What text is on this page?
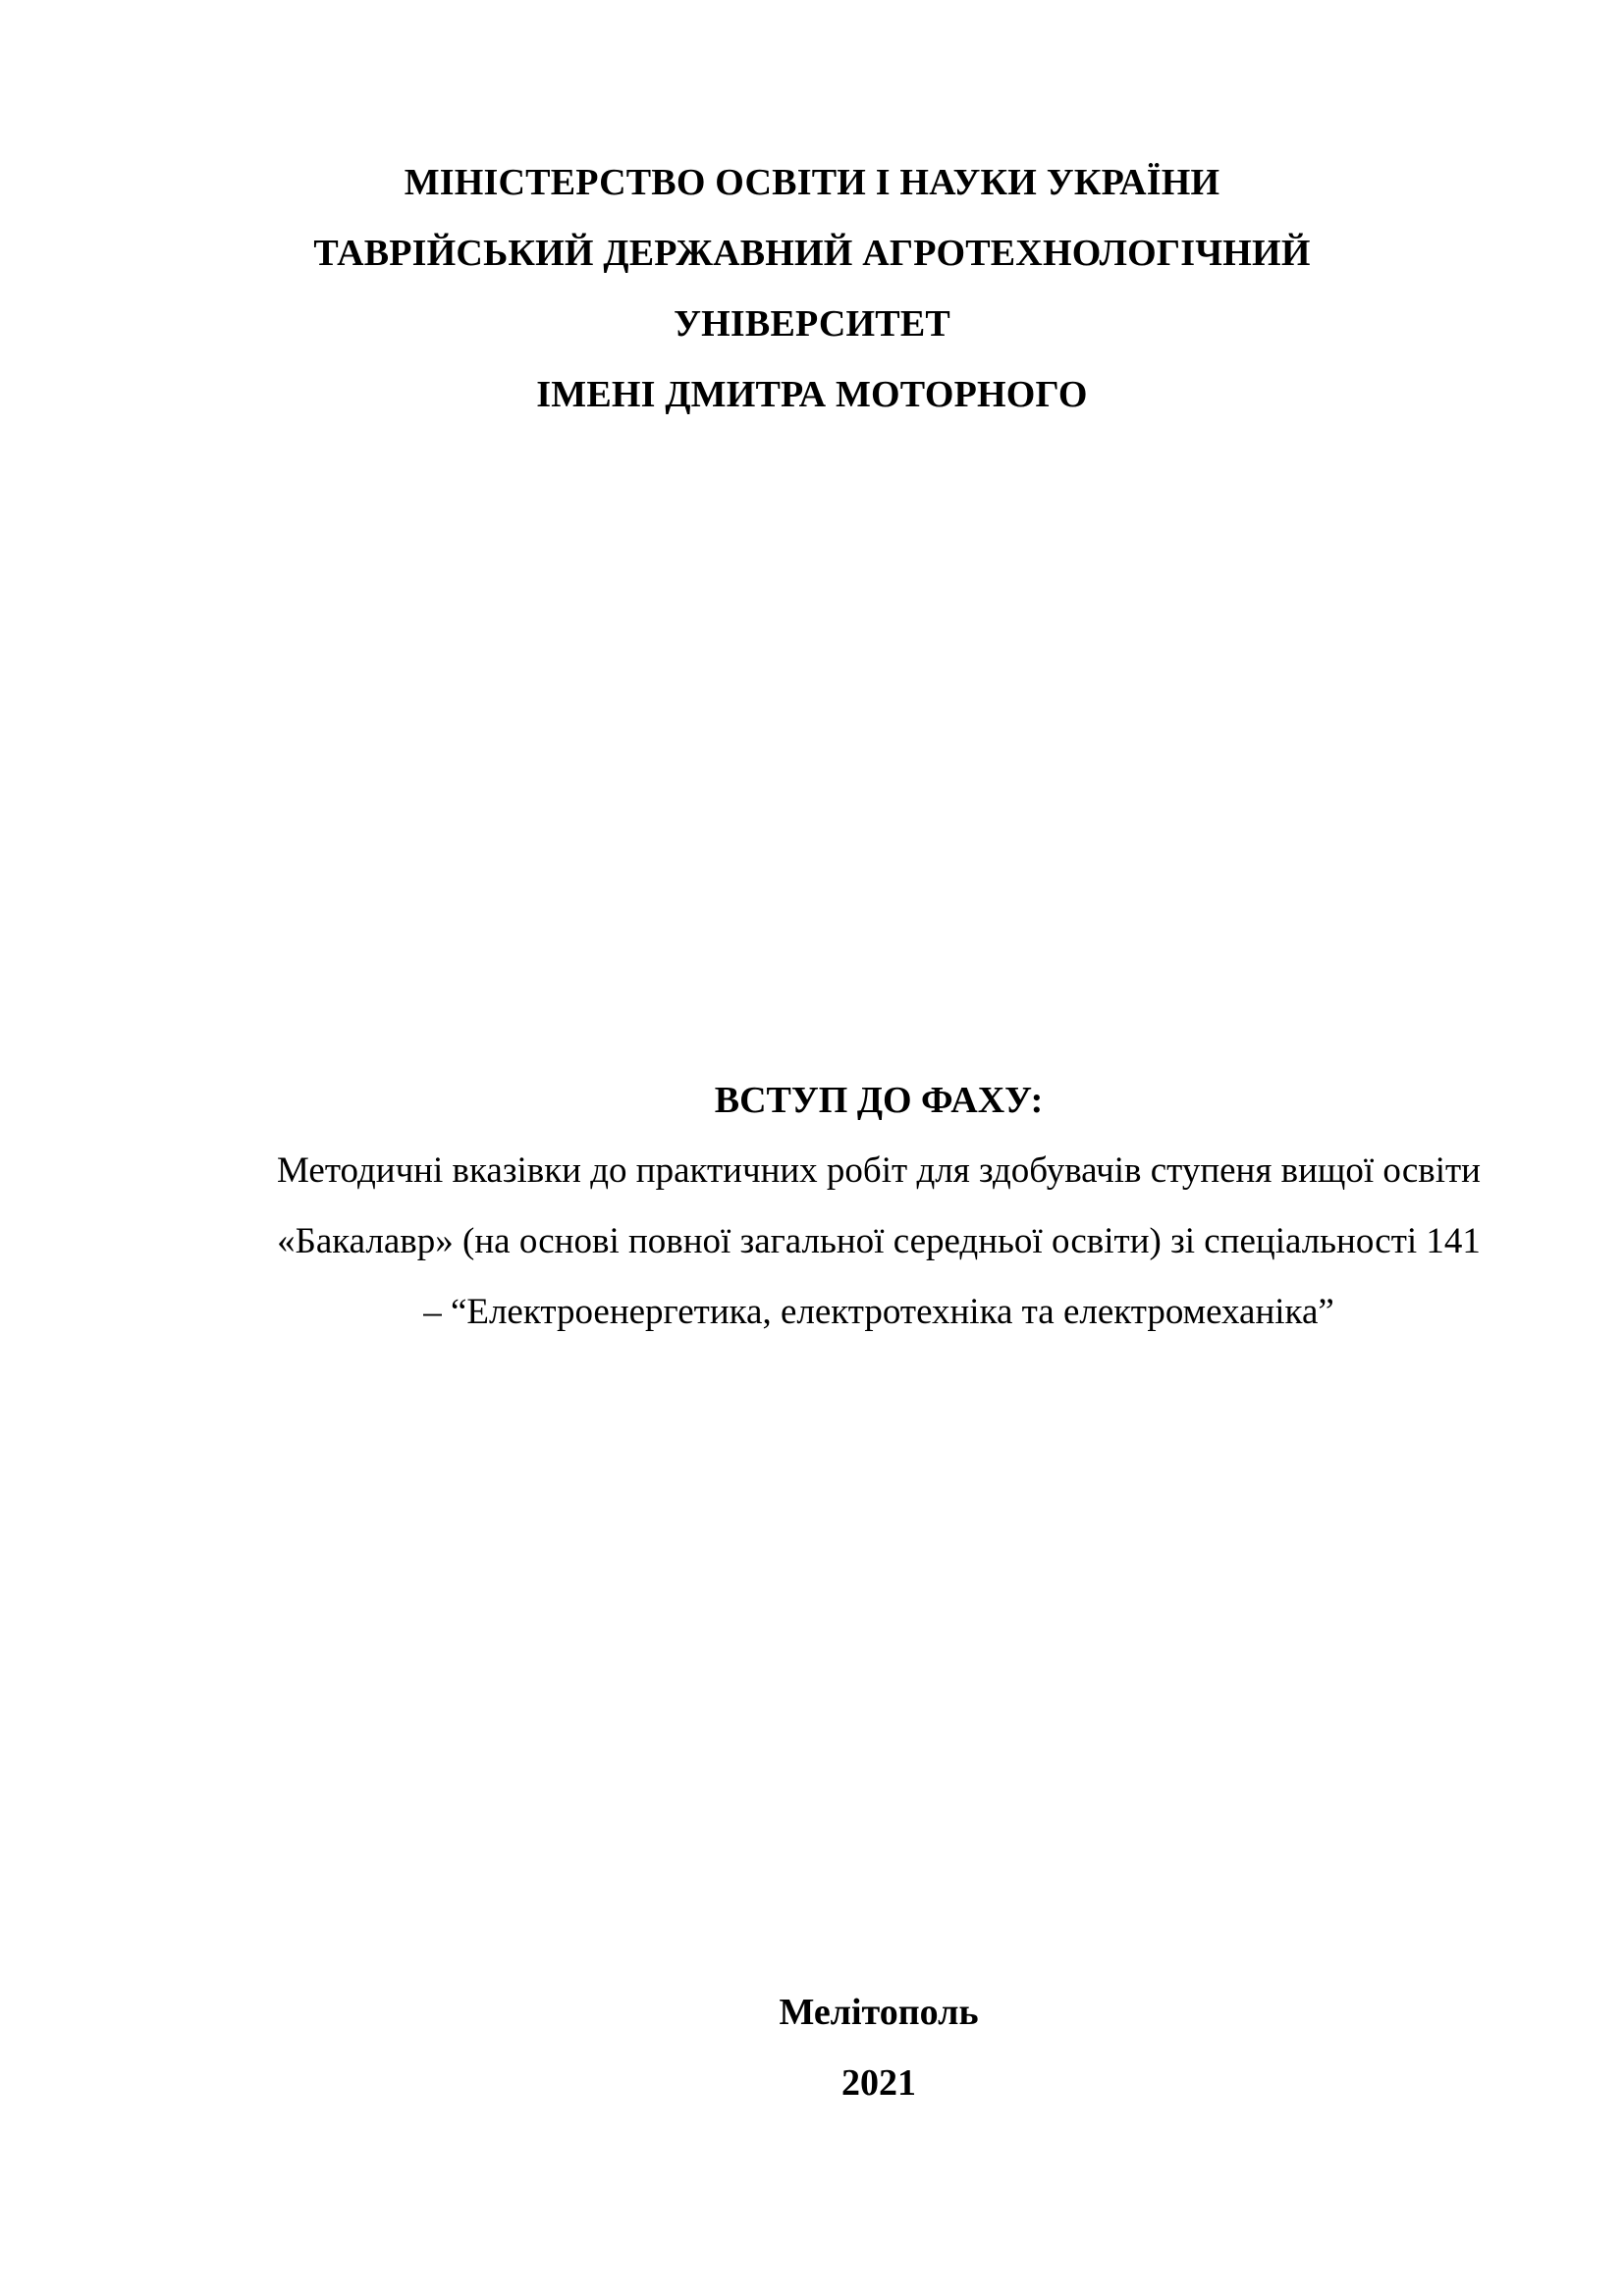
МІНІСТЕРСТВО ОСВІТИ І НАУКИ УКРАЇНИ
ТАВРІЙСЬКИЙ ДЕРЖАВНИЙ АГРОТЕХНОЛОГІЧНИЙ
УНІВЕРСИТЕТ
ІМЕНІ ДМИТРА МОТОРНОГО
ВСТУП ДО ФАХУ:
Методичні вказівки до практичних робіт для здобувачів ступеня вищої освіти
«Бакалавр» (на основі повної загальної середньої освіти) зі спеціальності 141
– “Електроенергетика, електротехніка та електромеханіка”
Мелітополь
2021
